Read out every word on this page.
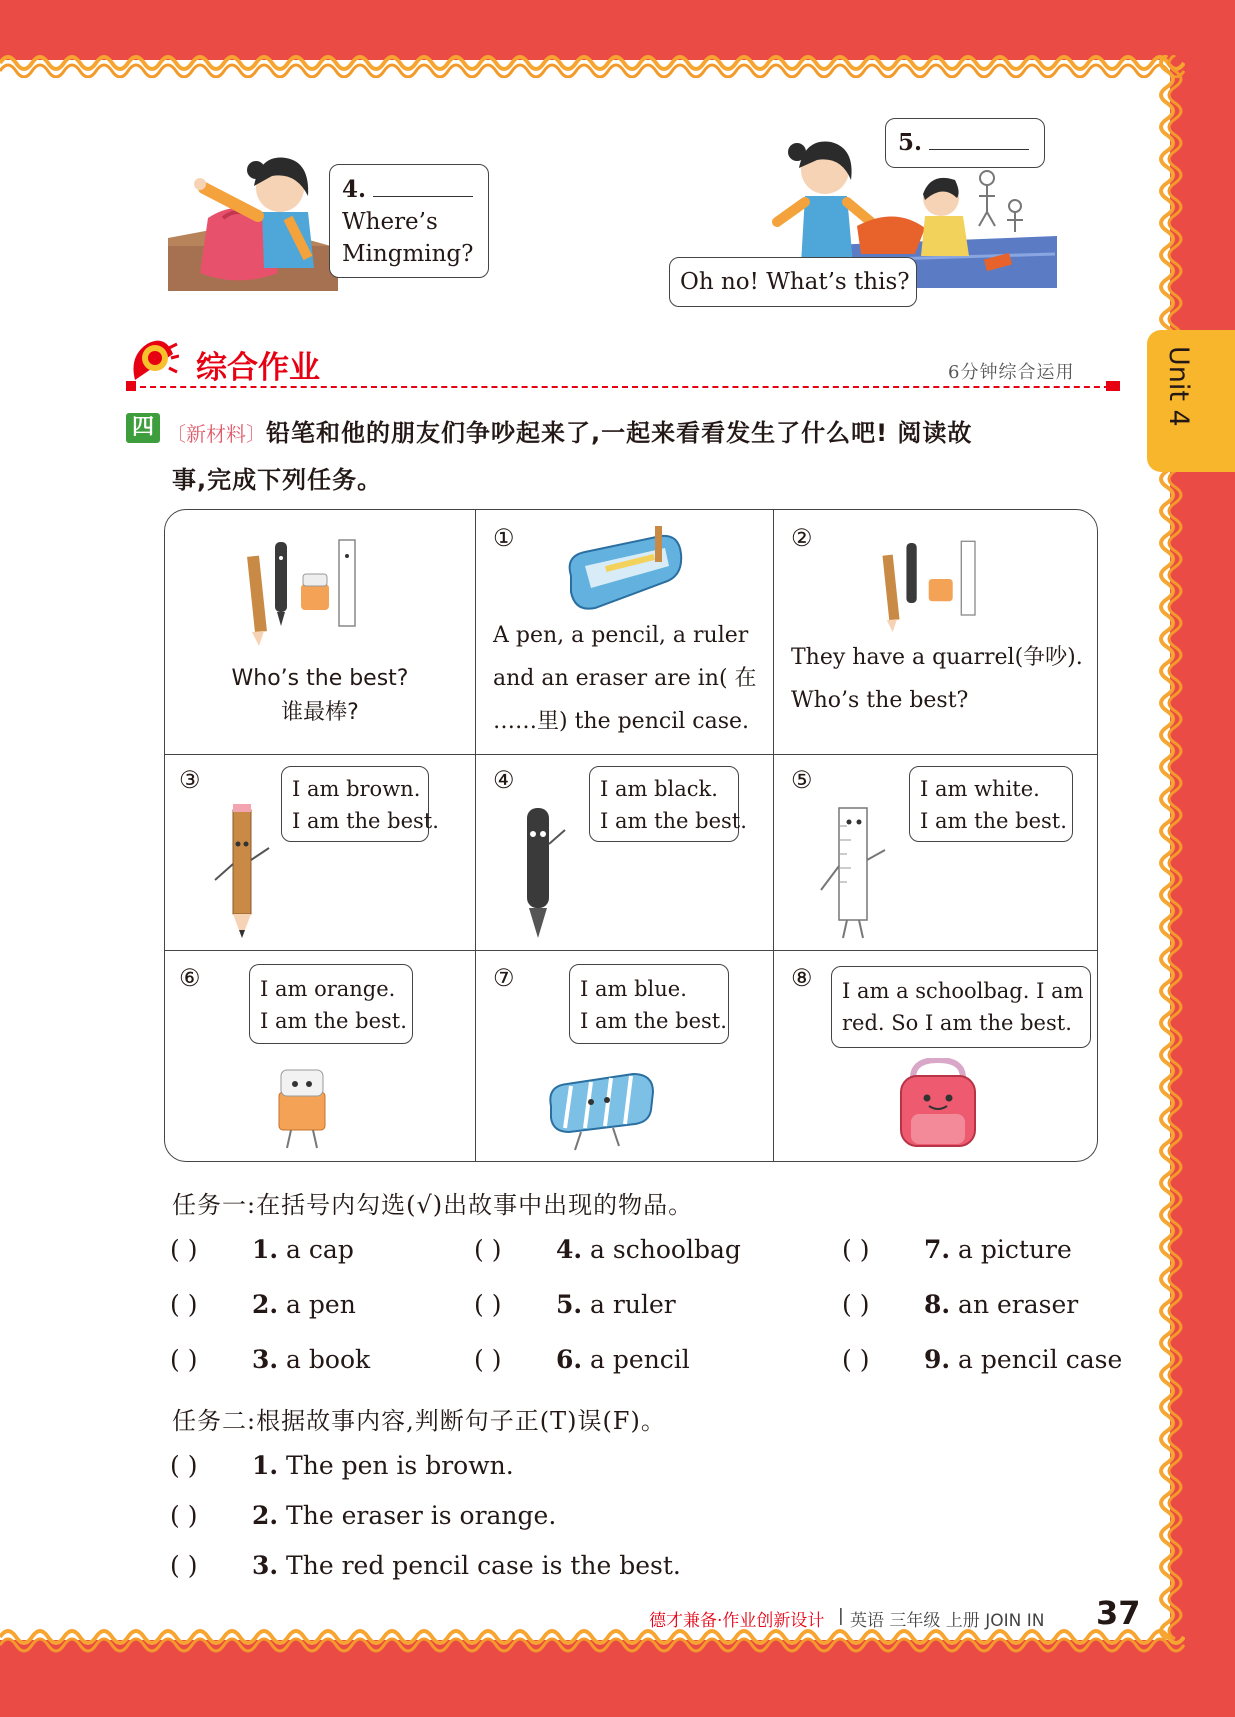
Unit 4
4.
Where’s
Mingming?
5.
Oh no! What’s this?
综合作业	6分钟综合运用
四 〔新材料〕铅笔和他的朋友们争吵起来了,一起来看看发生了什么吧! 阅读故
事,完成下列任务。
Who’s the best?
谁最棒?
①
A pen, a pencil, a ruler
and an eraser are in( 在
……里) the pencil case.
②
They have a quarrel(争吵).
Who’s the best?
③	I am brown.
I am the best.
④	I am black.
I am the best.
⑤	I am white.
I am the best.
⑥	I am orange.
I am the best.
⑦	I am blue.
I am the best.
⑧ I am a schoolbag. I am
red. So I am the best.
任务一:在括号内勾选(√)出故事中出现的物品。
( ) 1. a cap
( ) 2. a pen
( ) 3. a book
( ) 4. a schoolbag
( ) 5. a ruler
( ) 6. a pencil
( ) 7. a picture
( ) 8. an eraser
( ) 9. a pencil case
任务二:根据故事内容,判断句子正(T)误(F)。
( ) 1. The pen is brown.
( ) 2. The eraser is orange.
( ) 3. The red pencil case is the best.
德才兼备·作业创新设计 | 英语 三年级 上册 JOIN IN 37
